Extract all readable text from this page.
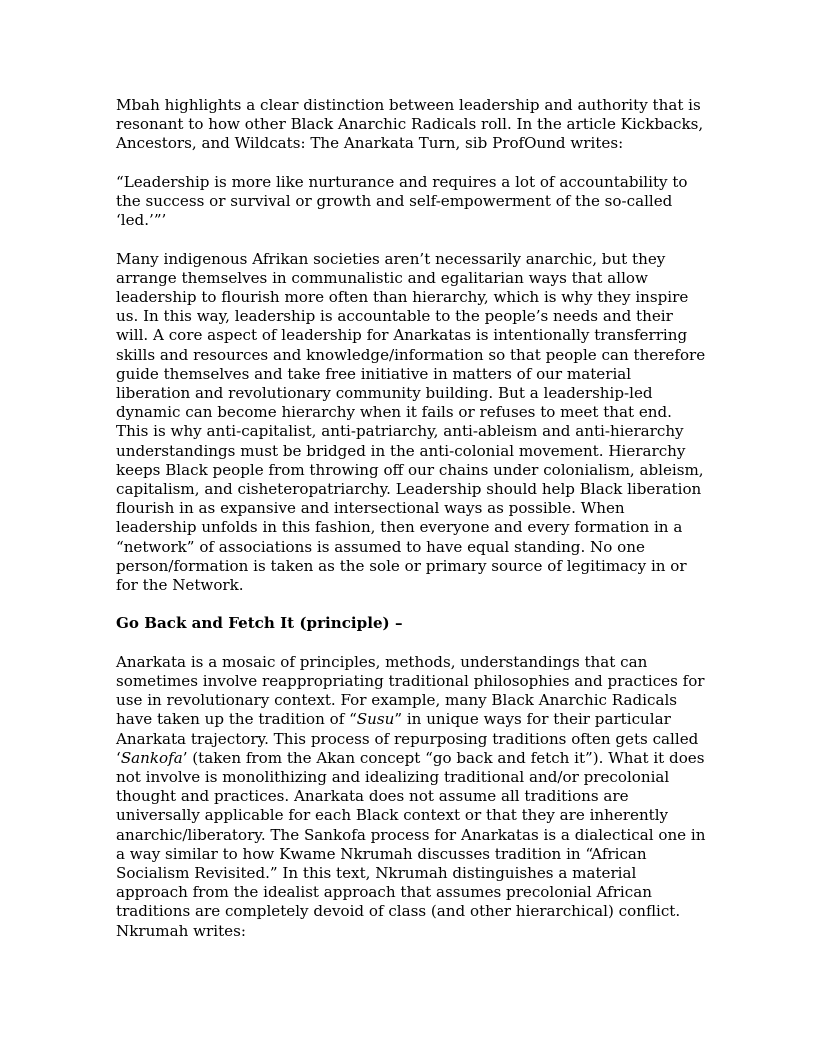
Mbah highlights a clear distinction between leadership and authority that is resonant to how other Black Anarchic Radicals roll. In the article Kickbacks, Ancestors, and Wildcats: The Anarkata Turn, sib ProfOund writes:

“Leadership is more like nurturance and requires a lot of accountability to the success or survival or growth and self-empowerment of the so-called ‘led.’”’

Many indigenous Afrikan societies aren’t necessarily anarchic, but they arrange themselves in communalistic and egalitarian ways that allow leadership to flourish more often than hierarchy, which is why they inspire us. In this way, leadership is accountable to the people’s needs and their will. A core aspect of leadership for Anarkatas is intentionally transferring skills and resources and knowledge/information so that people can therefore guide themselves and take free initiative in matters of our material liberation and revolutionary community building. But a leadership-led dynamic can become hierarchy when it fails or refuses to meet that end. This is why anti-capitalist, anti-patriarchy, anti-ableism and anti-hierarchy understandings must be bridged in the anti-colonial movement. Hierarchy keeps Black people from throwing off our chains under colonialism, ableism, capitalism, and cisheteropatriarchy. Leadership should help Black liberation flourish in as expansive and intersectional ways as possible. When leadership unfolds in this fashion, then everyone and every formation in a “network” of associations is assumed to have equal standing. No one person/formation is taken as the sole or primary source of legitimacy in or for the Network.

Go Back and Fetch It (principle) –

Anarkata is a mosaic of principles, methods, understandings that can sometimes involve reappropriating traditional philosophies and practices for use in revolutionary context. For example, many Black Anarchic Radicals have taken up the tradition of “Susu” in unique ways for their particular Anarkata trajectory. This process of repurposing traditions often gets called ‘Sankofa’ (taken from the Akan concept “go back and fetch it”). What it does not involve is monolithizing and idealizing traditional and/or precolonial thought and practices. Anarkata does not assume all traditions are universally applicable for each Black context or that they are inherently anarchic/liberatory. The Sankofa process for Anarkatas is a dialectical one in a way similar to how Kwame Nkrumah discusses tradition in “African Socialism Revisited.” In this text, Nkrumah distinguishes a material approach from the idealist approach that assumes precolonial African traditions are completely devoid of class (and other hierarchical) conflict. Nkrumah writes:
